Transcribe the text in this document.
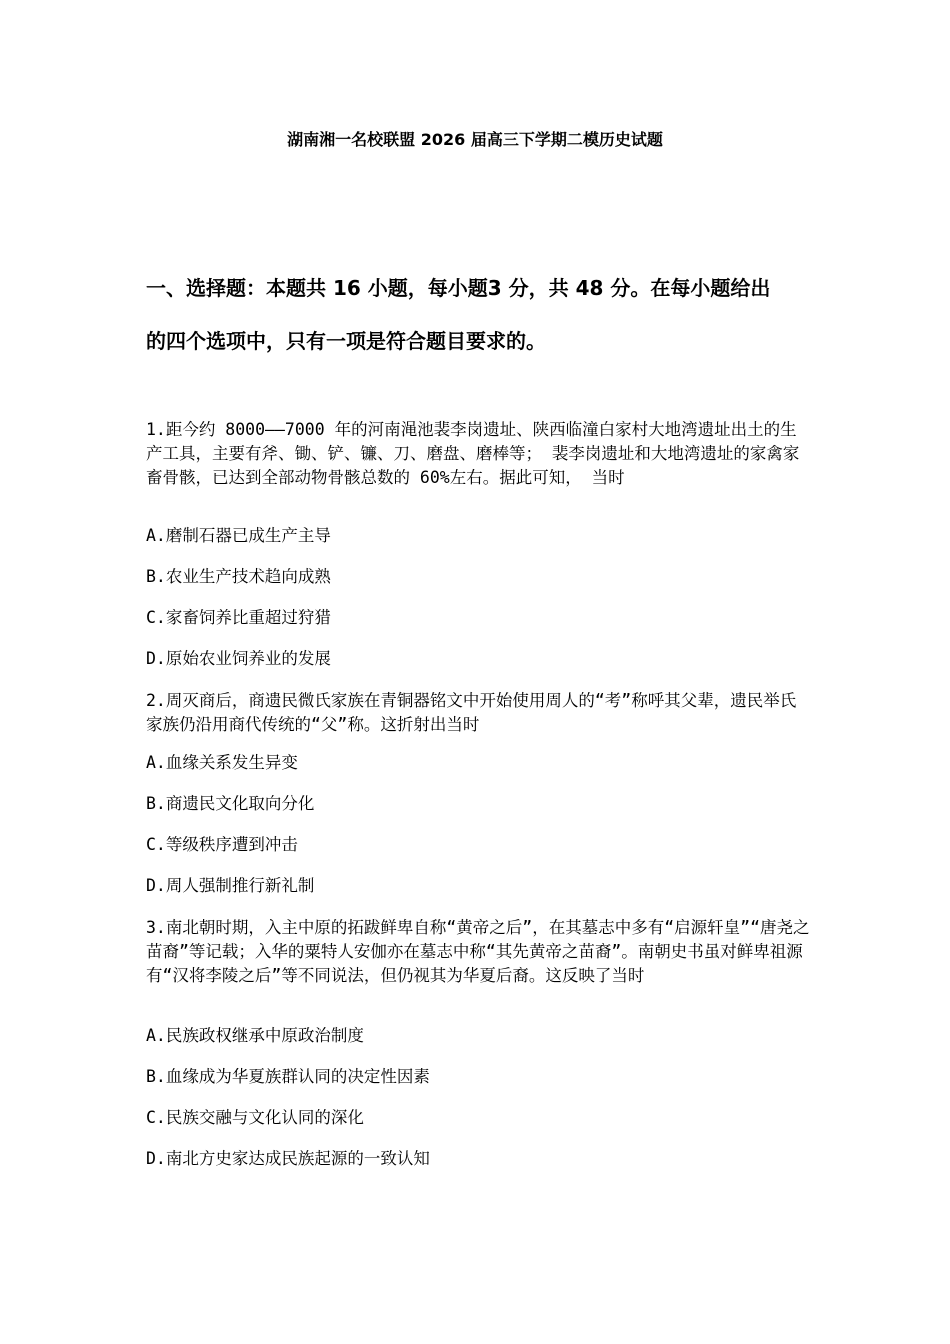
湖南湘一名校联盟 2026 届高三下学期二模历史试题
一、选择题：本题共 16 小题，每小题3 分，共 48 分。在每小题给出
的四个选项中，只有一项是符合题目要求的。
1.距今约 8000——7000 年的河南渑池裴李岗遗址、陕西临潼白家村大地湾遗址出土的生产工具，主要有斧、锄、铲、镰、刀、磨盘、磨棒等； 裴李岗遗址和大地湾遗址的家禽家畜骨骸，已达到全部动物骨骸总数的 60%左右。据此可知， 当时
A.磨制石器已成生产主导
B.农业生产技术趋向成熟
C.家畜饲养比重超过狩猎
D.原始农业饲养业的发展
2.周灭商后，商遗民微氏家族在青铜器铭文中开始使用周人的“考”称呼其父辈，遗民举氏家族仍沿用商代传统的“父”称。这折射出当时
A.血缘关系发生异变
B.商遗民文化取向分化
C.等级秩序遭到冲击
D.周人强制推行新礼制
3.南北朝时期，入主中原的拓跋鲜卑自称“黄帝之后”，在其墓志中多有“启源轩皇”“唐尧之苗裔”等记载；入华的粟特人安伽亦在墓志中称“其先黄帝之苗裔”。南朝史书虽对鲜卑祖源有“汉将李陵之后”等不同说法，但仍视其为华夏后裔。这反映了当时
A.民族政权继承中原政治制度
B.血缘成为华夏族群认同的决定性因素
C.民族交融与文化认同的深化
D.南北方史家达成民族起源的一致认知
